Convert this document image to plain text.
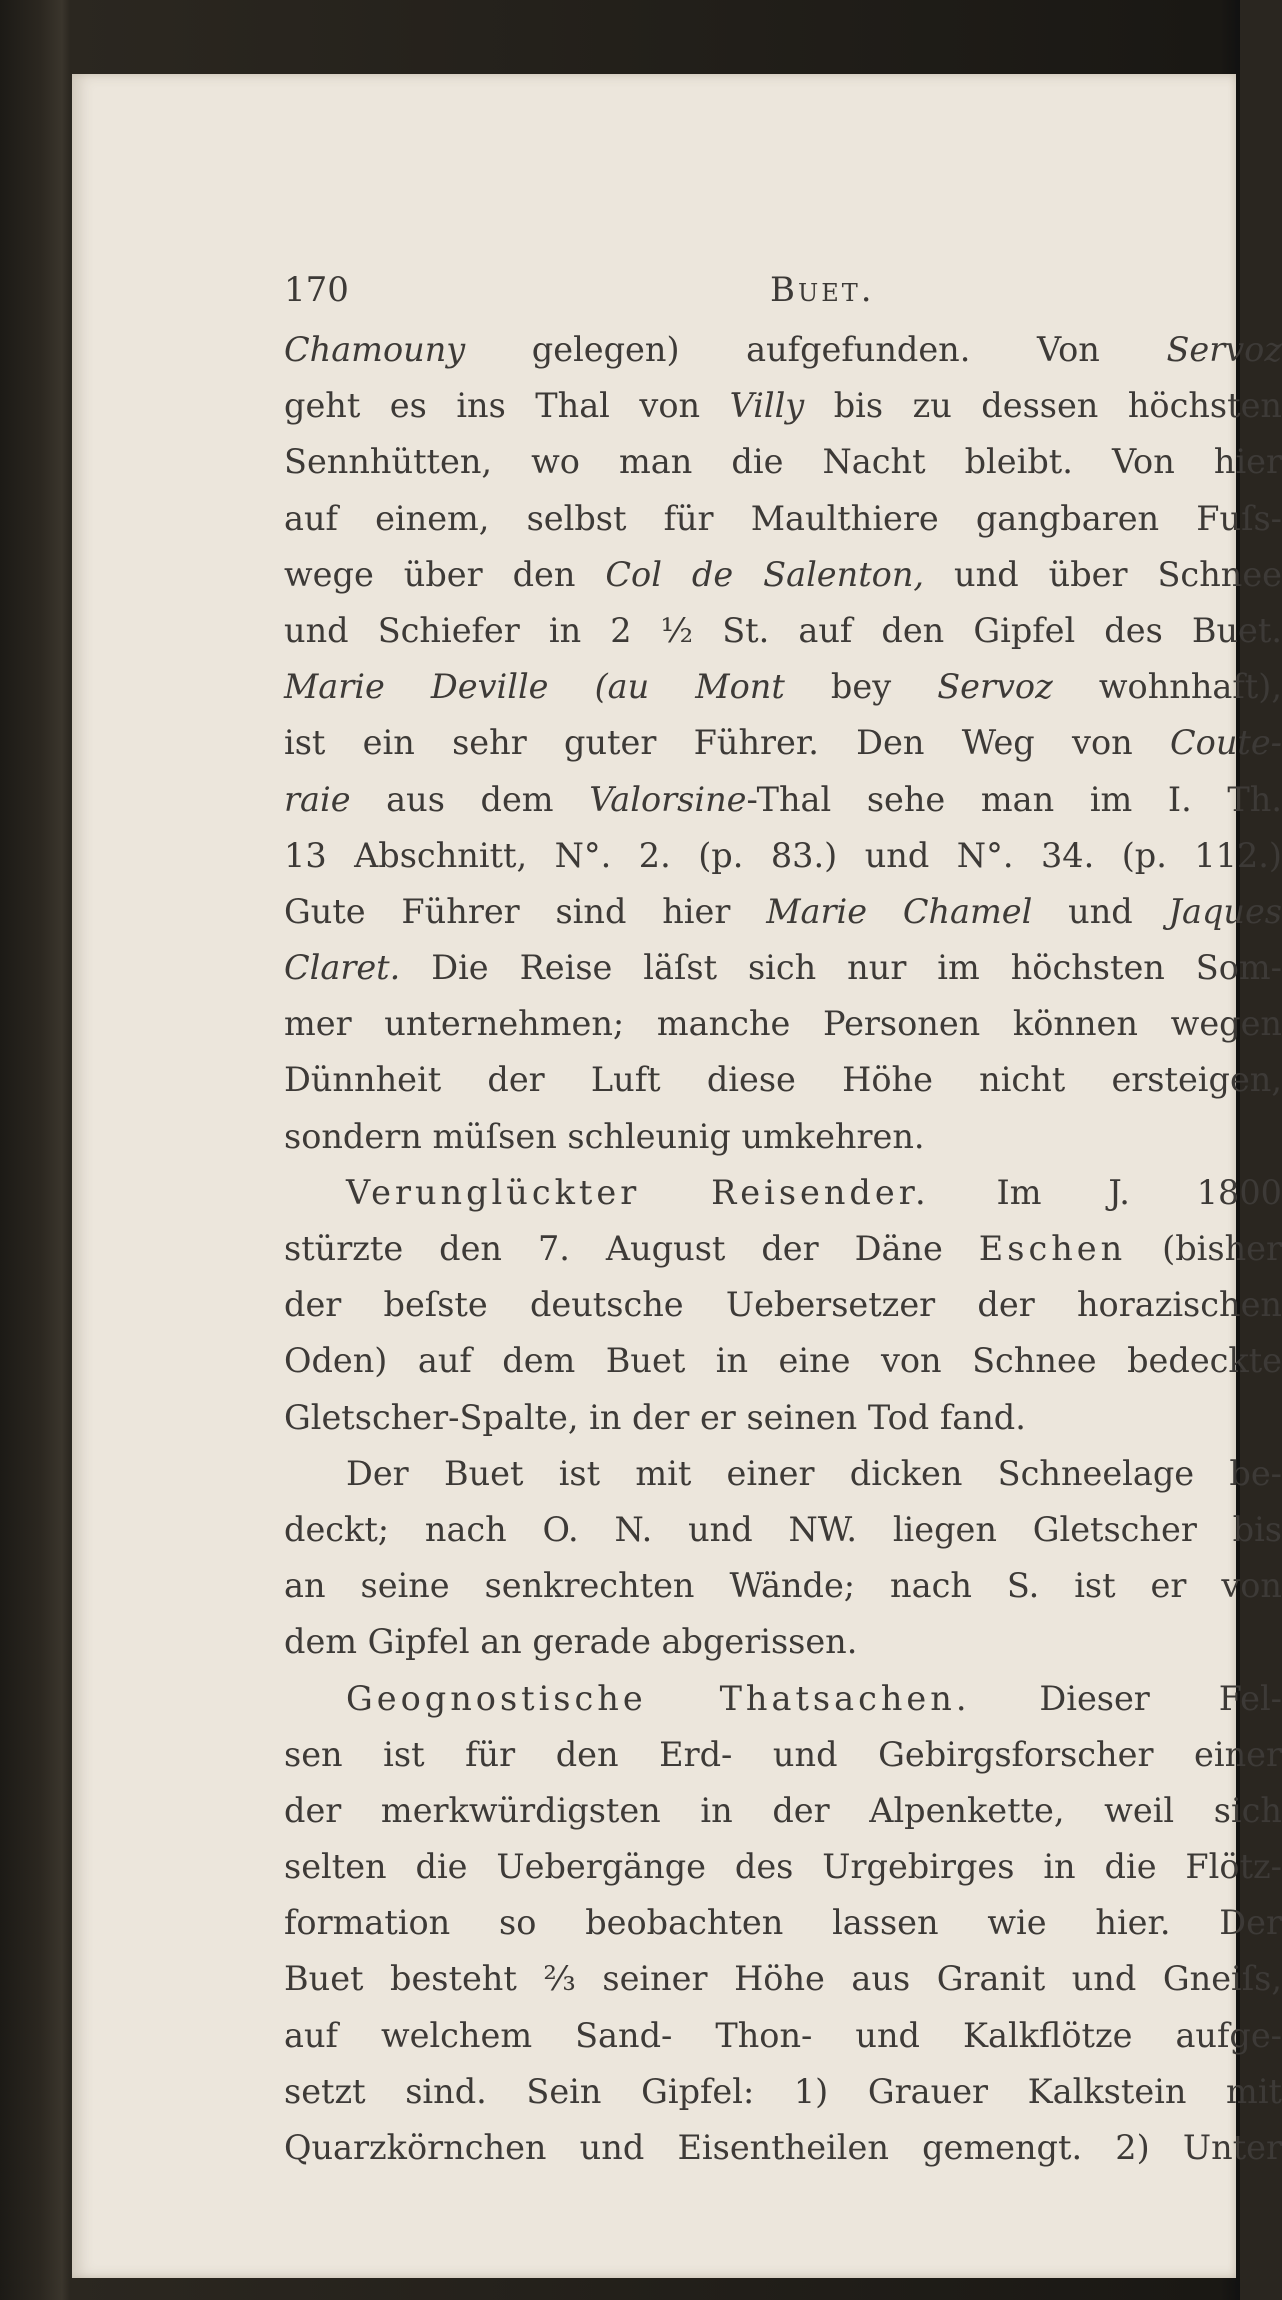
170	Buet.
Chamouny gelegen) aufgefunden. Von Servoz
geht es ins Thal von Villy bis zu dessen höchsten
Sennhütten, wo man die Nacht bleibt. Von hier
auf einem, selbst für Maulthiere gangbaren Fuſs-
wege über den Col de Salenton, und über Schnee
und Schiefer in 2 ½ St. auf den Gipfel des Buet.
Marie Deville (au Mont bey Servoz wohnhaft),
ist ein sehr guter Führer. Den Weg von Coute-
raie aus dem Valorsine-Thal sehe man im I. Th.
13 Abschnitt, N°. 2. (p. 83.) und N°. 34. (p. 112.)
Gute Führer sind hier Marie Chamel und Jaques
Claret. Die Reise läſst sich nur im höchsten Som-
mer unternehmen; manche Personen können wegen
Dünnheit der Luft diese Höhe nicht ersteigen,
sondern müſsen schleunig umkehren.
Verunglückter Reisender. Im J. 1800
stürzte den 7. August der Däne Eschen (bisher
der beſste deutsche Uebersetzer der horazischen
Oden) auf dem Buet in eine von Schnee bedeckte
Gletscher-Spalte, in der er seinen Tod fand.
Der Buet ist mit einer dicken Schneelage be-
deckt; nach O. N. und NW. liegen Gletscher bis
an seine senkrechten Wände; nach S. ist er von
dem Gipfel an gerade abgerissen.
Geognostische Thatsachen. Dieser Fel-
sen ist für den Erd- und Gebirgsforscher einer
der merkwürdigsten in der Alpenkette, weil sich
selten die Uebergänge des Urgebirges in die Flötz-
formation so beobachten lassen wie hier. Der
Buet besteht ⅔ seiner Höhe aus Granit und Gneiſs,
auf welchem Sand- Thon- und Kalkflötze aufge-
setzt sind. Sein Gipfel: 1) Grauer Kalkstein mit
Quarzkörnchen und Eisentheilen gemengt. 2) Unter
